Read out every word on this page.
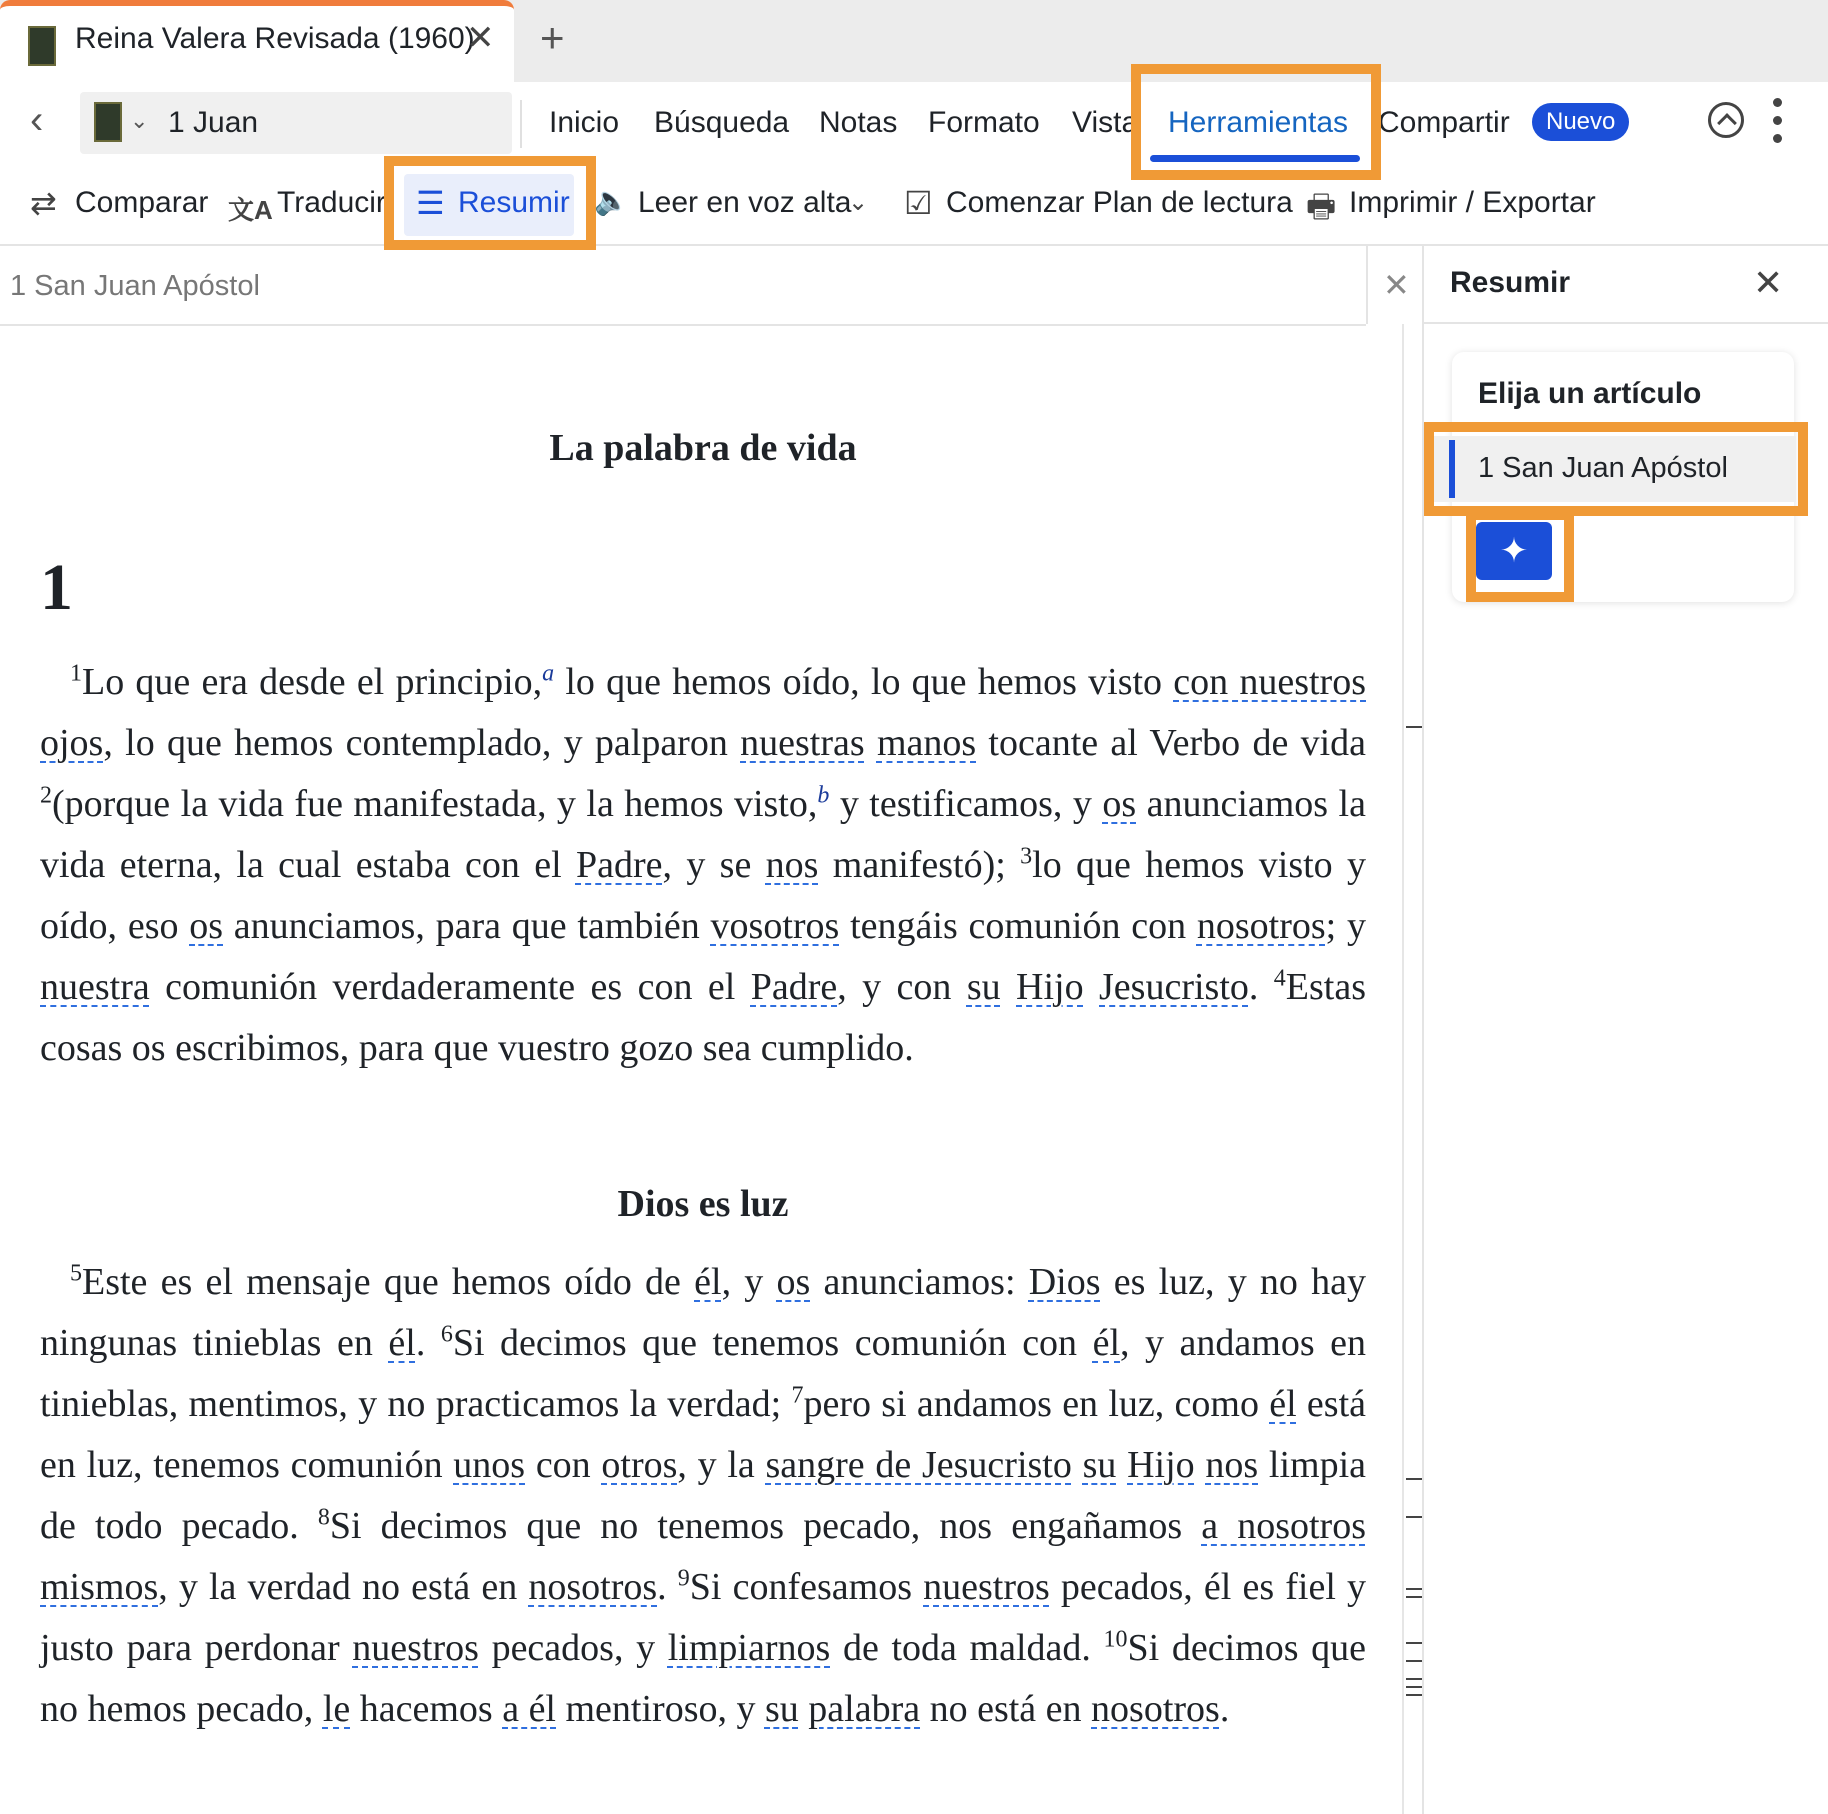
Reina Valera Revisada (1960)
✕ +
‹	⌄ 1 Juan	Inicio Búsqueda Notas Formato Vista Herramientas Compartir	Nuevo
⇄ Comparar 文A Traducir ☰ Resumir 🔈 Leer en voz alta
⌄ ☑ Comenzar Plan de lectura 🖶 Imprimir / Exportar
1 San Juan Apóstol	✕
La palabra de vida
1
$^1$Lo que era desde el principio,$^a$ lo que hemos oído, lo que hemos visto con nuestros ojos, lo que hemos contemplado, y palparon nuestras manos tocante al Verbo de vida $^2$(porque la vida fue manifestada, y la hemos visto,$^b$ y testificamos, y os anunciamos la vida eterna, la cual estaba con el Padre, y se nos manifestó); $^3$lo que hemos visto y oído, eso os anunciamos, para que también vosotros tengáis comunión con nosotros; y nuestra comunión verdaderamente es con el Padre, y con su Hijo Jesucristo. $^4$Estas cosas os escribimos, para que vuestro gozo sea cumplido.
Dios es luz
$^5$Este es el mensaje que hemos oído de él, y os anunciamos: Dios es luz, y no hay ningunas tinieblas en él. $^6$Si decimos que tenemos comunión con él, y andamos en tinieblas, mentimos, y no practicamos la verdad; $^7$pero si andamos en luz, como él está en luz, tenemos comunión unos con otros, y la sangre de Jesucristo su Hijo nos limpia de todo pecado. $^8$Si decimos que no tenemos pecado, nos engañamos a nosotros mismos, y la verdad no está en nosotros. $^9$Si confesamos nuestros pecados, él es fiel y justo para perdonar nuestros pecados, y limpiarnos de toda maldad. $^{10}$Si decimos que no hemos pecado, le hacemos a él mentiroso, y su palabra no está en nosotros.
Resumir	✕
Elija un artículo
1 San Juan Apóstol
✦
